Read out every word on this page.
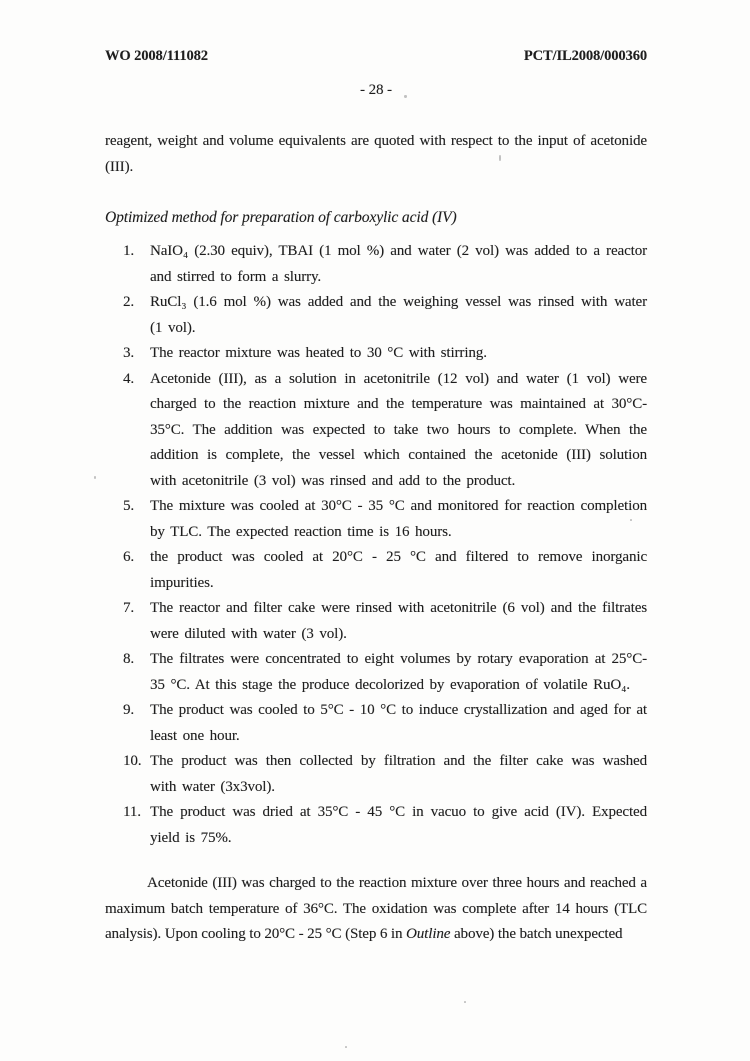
WO 2008/111082	PCT/IL2008/000360
- 28 -

reagent, weight and volume equivalents are quoted with respect to the input of acetonide (III).

Optimized method for preparation of carboxylic acid (IV)
1. NaIO₄ (2.30 equiv), TBAI (1 mol %) and water (2 vol) was added to a reactor and stirred to form a slurry.
2. RuCl₃ (1.6 mol %) was added and the weighing vessel was rinsed with water (1 vol).
3. The reactor mixture was heated to 30 °C with stirring.
4. Acetonide (III), as a solution in acetonitrile (12 vol) and water (1 vol) were charged to the reaction mixture and the temperature was maintained at 30°C-35°C. The addition was expected to take two hours to complete. When the addition is complete, the vessel which contained the acetonide (III) solution with acetonitrile (3 vol) was rinsed and add to the product.
5. The mixture was cooled at 30°C - 35 °C and monitored for reaction completion by TLC. The expected reaction time is 16 hours.
6. the product was cooled at 20°C - 25 °C and filtered to remove inorganic impurities.
7. The reactor and filter cake were rinsed with acetonitrile (6 vol) and the filtrates were diluted with water (3 vol).
8. The filtrates were concentrated to eight volumes by rotary evaporation at 25°C-35 °C. At this stage the produce decolorized by evaporation of volatile RuO₄.
9. The product was cooled to 5°C - 10 °C to induce crystallization and aged for at least one hour.
10. The product was then collected by filtration and the filter cake was washed with water (3x3vol).
11. The product was dried at 35°C - 45 °C in vacuo to give acid (IV). Expected yield is 75%.

Acetonide (III) was charged to the reaction mixture over three hours and reached a maximum batch temperature of 36°C. The oxidation was complete after 14 hours (TLC analysis). Upon cooling to 20°C - 25 °C (Step 6 in Outline above) the batch unexpected
